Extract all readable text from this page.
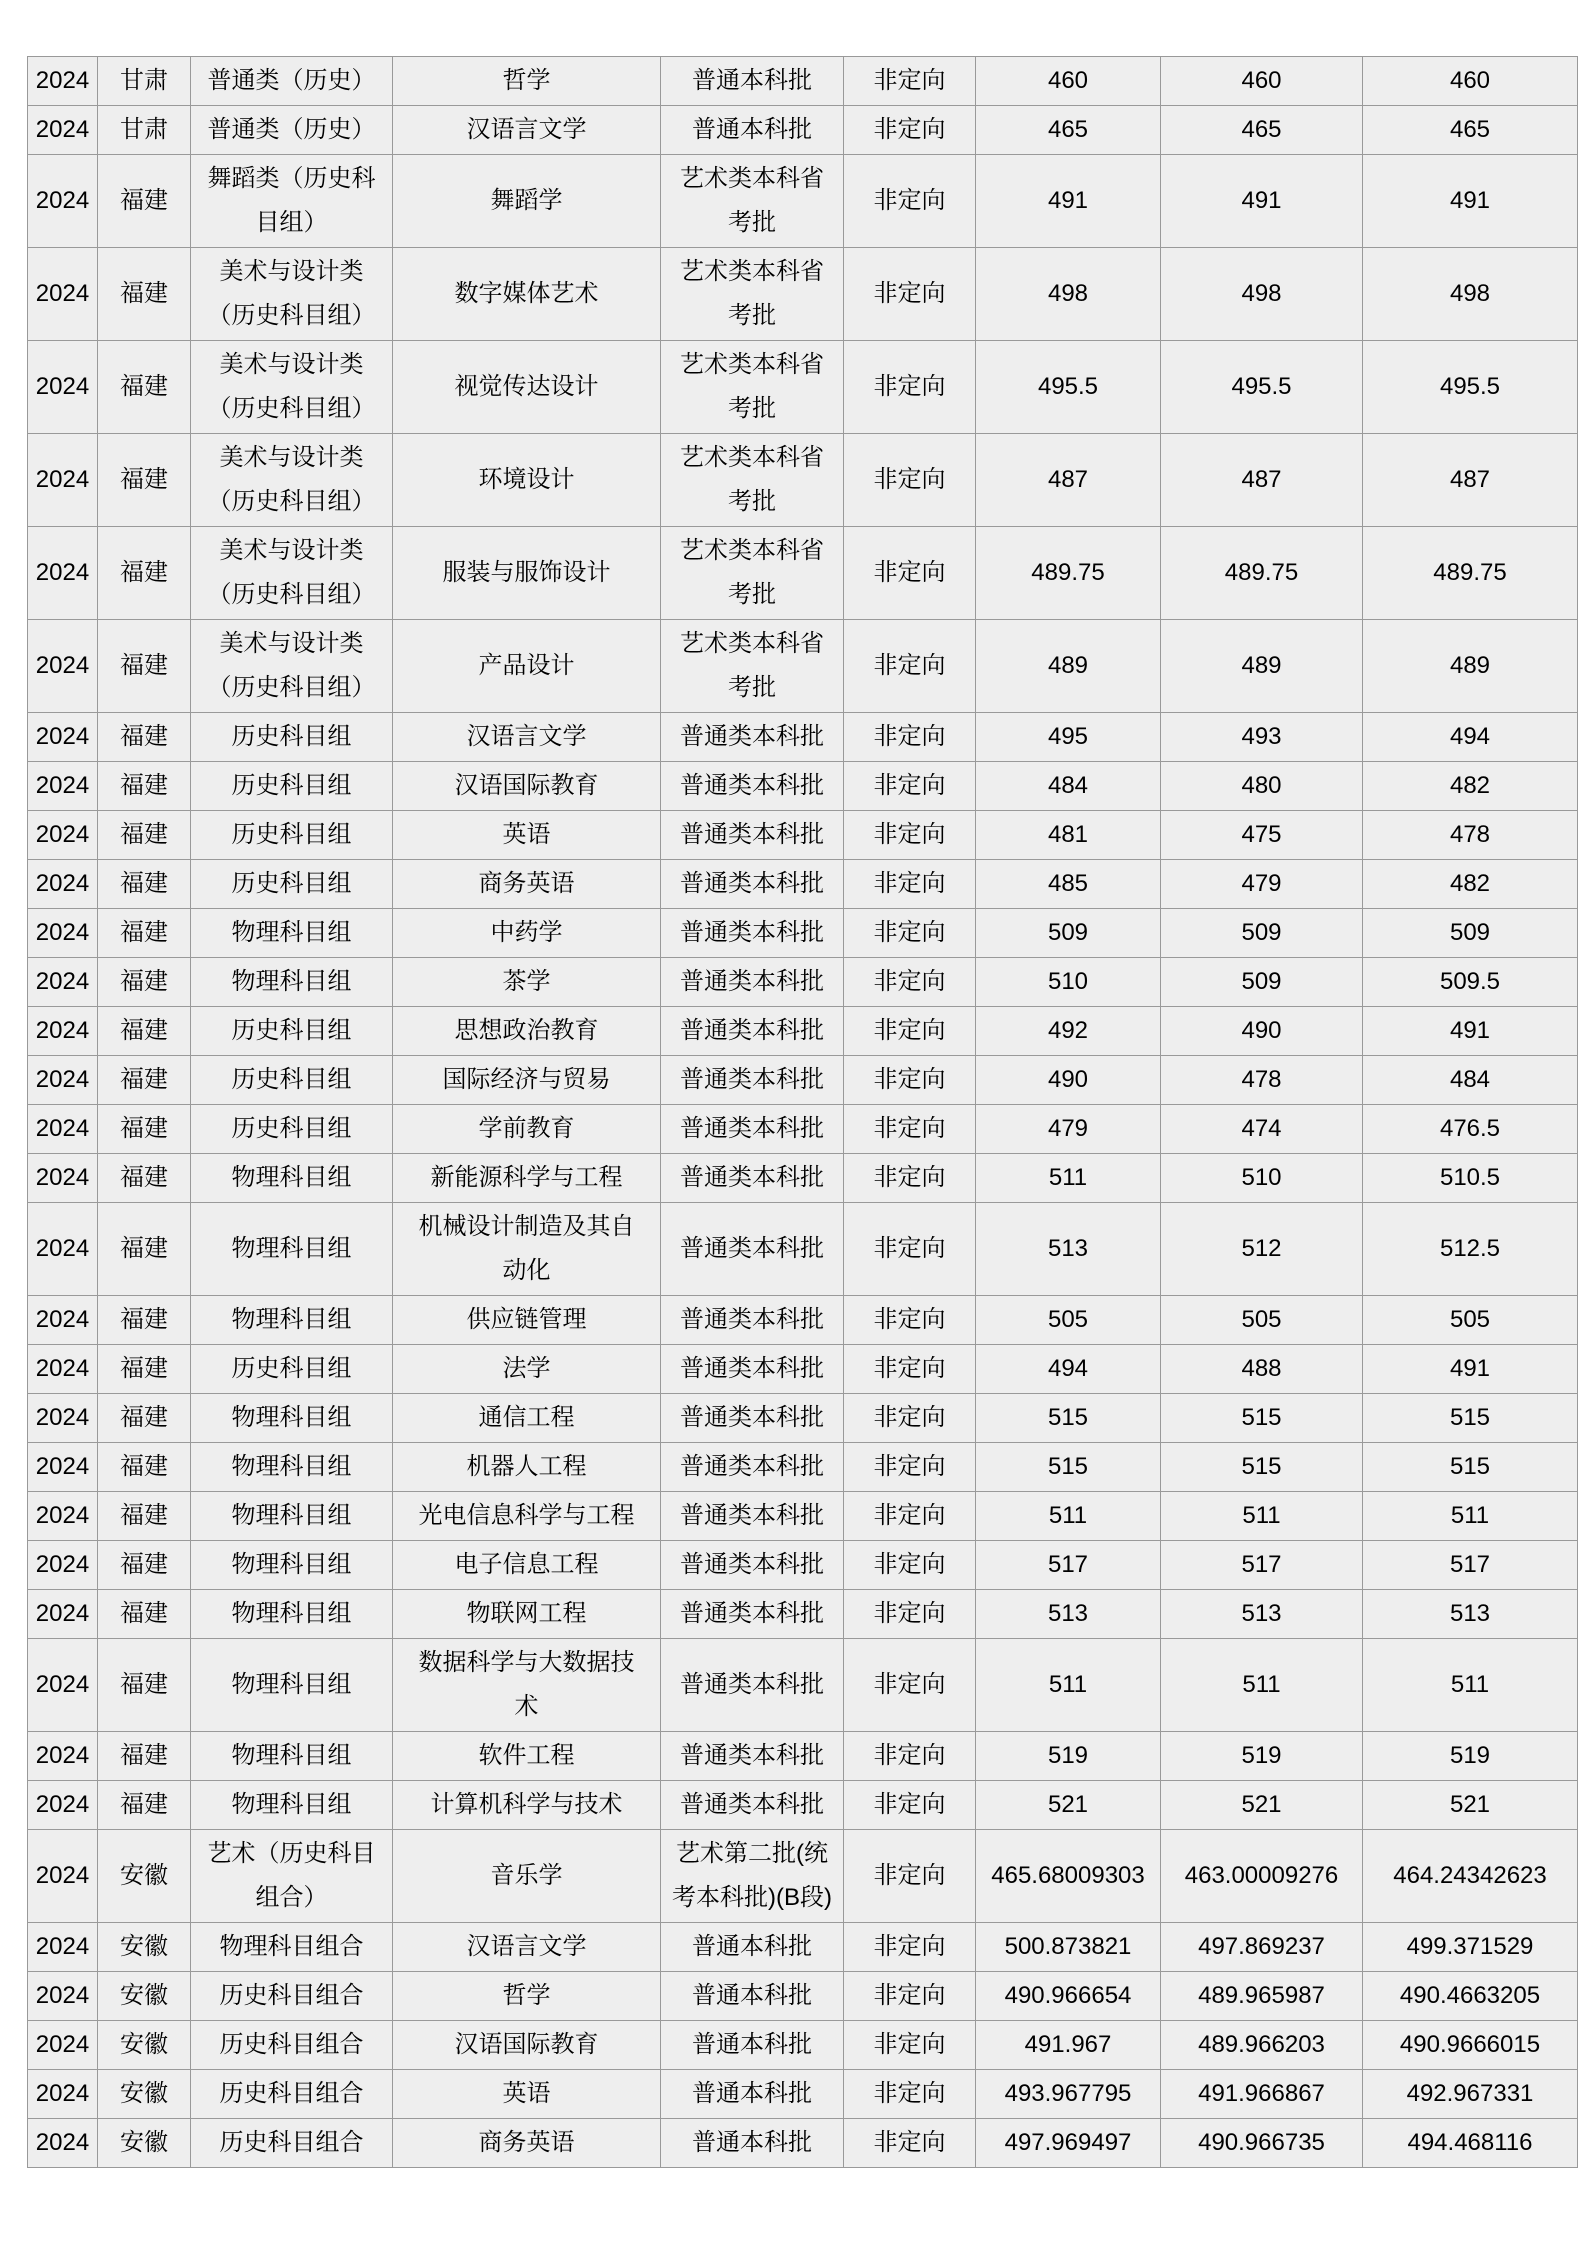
2024	甘肃	普通类（历史）	哲学	普通本科批	非定向	460	460	460
2024	甘肃	普通类（历史）	汉语言文学	普通本科批	非定向	465	465	465
2024	福建	舞蹈类（历史科目组）	舞蹈学	艺术类本科省考批	非定向	491	491	491
2024	福建	美术与设计类（历史科目组）	数字媒体艺术	艺术类本科省考批	非定向	498	498	498
2024	福建	美术与设计类（历史科目组）	视觉传达设计	艺术类本科省考批	非定向	495.5	495.5	495.5
2024	福建	美术与设计类（历史科目组）	环境设计	艺术类本科省考批	非定向	487	487	487
2024	福建	美术与设计类（历史科目组）	服装与服饰设计	艺术类本科省考批	非定向	489.75	489.75	489.75
2024	福建	美术与设计类（历史科目组）	产品设计	艺术类本科省考批	非定向	489	489	489
2024	福建	历史科目组	汉语言文学	普通类本科批	非定向	495	493	494
2024	福建	历史科目组	汉语国际教育	普通类本科批	非定向	484	480	482
2024	福建	历史科目组	英语	普通类本科批	非定向	481	475	478
2024	福建	历史科目组	商务英语	普通类本科批	非定向	485	479	482
2024	福建	物理科目组	中药学	普通类本科批	非定向	509	509	509
2024	福建	物理科目组	茶学	普通类本科批	非定向	510	509	509.5
2024	福建	历史科目组	思想政治教育	普通类本科批	非定向	492	490	491
2024	福建	历史科目组	国际经济与贸易	普通类本科批	非定向	490	478	484
2024	福建	历史科目组	学前教育	普通类本科批	非定向	479	474	476.5
2024	福建	物理科目组	新能源科学与工程	普通类本科批	非定向	511	510	510.5
2024	福建	物理科目组	机械设计制造及其自动化	普通类本科批	非定向	513	512	512.5
2024	福建	物理科目组	供应链管理	普通类本科批	非定向	505	505	505
2024	福建	历史科目组	法学	普通类本科批	非定向	494	488	491
2024	福建	物理科目组	通信工程	普通类本科批	非定向	515	515	515
2024	福建	物理科目组	机器人工程	普通类本科批	非定向	515	515	515
2024	福建	物理科目组	光电信息科学与工程	普通类本科批	非定向	511	511	511
2024	福建	物理科目组	电子信息工程	普通类本科批	非定向	517	517	517
2024	福建	物理科目组	物联网工程	普通类本科批	非定向	513	513	513
2024	福建	物理科目组	数据科学与大数据技术	普通类本科批	非定向	511	511	511
2024	福建	物理科目组	软件工程	普通类本科批	非定向	519	519	519
2024	福建	物理科目组	计算机科学与技术	普通类本科批	非定向	521	521	521
2024	安徽	艺术（历史科目组合）	音乐学	艺术第二批(统考本科批)(B段)	非定向	465.68009303	463.00009276	464.24342623
2024	安徽	物理科目组合	汉语言文学	普通本科批	非定向	500.873821	497.869237	499.371529
2024	安徽	历史科目组合	哲学	普通本科批	非定向	490.966654	489.965987	490.4663205
2024	安徽	历史科目组合	汉语国际教育	普通本科批	非定向	491.967	489.966203	490.9666015
2024	安徽	历史科目组合	英语	普通本科批	非定向	493.967795	491.966867	492.967331
2024	安徽	历史科目组合	商务英语	普通本科批	非定向	497.969497	490.966735	494.468116
